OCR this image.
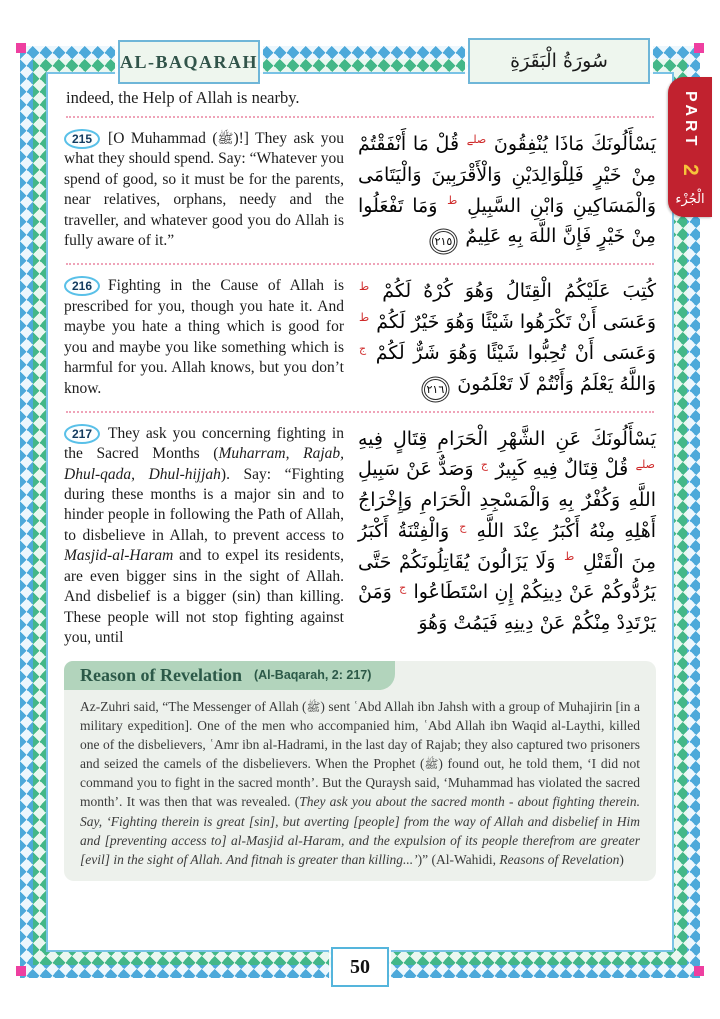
indeed, the Help of Allah is nearby.

215 [O Muhammad (ﷺ)!] They ask you what they should spend. Say: “Whatever you spend of good, so it must be for the parents, near relatives, orphans, needy and the traveller, and whatever good you do Allah is fully aware of it.”
يَسْأَلُونَكَ مَاذَا يُنْفِقُونَ $^{صلے}$ قُلْ مَا أَنْفَقْتُمْ مِنْ خَيْرٍ فَلِلْوَالِدَيْنِ وَالْأَقْرَبِينَ وَالْيَتَامَى وَالْمَسَاكِينِ وَابْنِ السَّبِيلِ $^ط$ وَمَا تَفْعَلُوا مِنْ خَيْرٍ فَإِنَّ اللَّهَ بِهِ عَلِيمٌ ٢١٥
216 Fighting in the Cause of Allah is prescribed for you, though you hate it. And maybe you hate a thing which is good for you and maybe you like something which is harmful for you. Allah knows, but you don’t know.
كُتِبَ عَلَيْكُمُ الْقِتَالُ وَهُوَ كُرْهٌ لَكُمْ $^ط$ وَعَسَى أَنْ تَكْرَهُوا شَيْئًا وَهُوَ خَيْرٌ لَكُمْ $^ط$ وَعَسَى أَنْ تُحِبُّوا شَيْئًا وَهُوَ شَرٌّ لَكُمْ $^ج$ وَاللَّهُ يَعْلَمُ وَأَنْتُمْ لَا تَعْلَمُونَ ٢١٦
217 They ask you concerning fighting in the Sacred Months (Muharram, Rajab, Dhul-qada, Dhul-hijjah). Say: “Fighting during these months is a major sin and to hinder people in following the Path of Allah, to disbelieve in Allah, to prevent access to Masjid-al-Haram and to expel its residents, are even bigger sins in the sight of Allah. And disbelief is a bigger (sin) than killing. These people will not stop fighting against you, until
يَسْأَلُونَكَ عَنِ الشَّهْرِ الْحَرَامِ قِتَالٍ فِيهِ $^{صلے}$ قُلْ قِتَالٌ فِيهِ كَبِيرٌ $^ج$ وَصَدٌّ عَنْ سَبِيلِ اللَّهِ وَكُفْرٌ بِهِ وَالْمَسْجِدِ الْحَرَامِ وَإِخْرَاجُ أَهْلِهِ مِنْهُ أَكْبَرُ عِنْدَ اللَّهِ $^ج$ وَالْفِتْنَةُ أَكْبَرُ مِنَ الْقَتْلِ $^ط$ وَلَا يَزَالُونَ يُقَاتِلُونَكُمْ حَتَّى يَرُدُّوكُمْ عَنْ دِينِكُمْ إِنِ اسْتَطَاعُوا $^ج$ وَمَنْ يَرْتَدِدْ مِنْكُمْ عَنْ دِينِهِ فَيَمُتْ وَهُوَ
Reason of Revelation (Al-Baqarah, 2: 217)

Az-Zuhri said, “The Messenger of Allah (ﷺ) sent ʿAbd Allah ibn Jahsh with a group of Muhajirin [in a military expedition]. One of the men who accompanied him, ʿAbd Allah ibn Waqid al-Laythi, killed one of the disbelievers, ʿAmr ibn al-Hadrami, in the last day of Rajab; they also captured two prisoners and seized the camels of the disbelievers. When the Prophet (ﷺ) found out, he told them, ‘I did not command you to fight in the sacred month’. But the Quraysh said, ‘Muhammad has violated the sacred month’. It was then that was revealed. (They ask you about the sacred month - about fighting therein. Say, ‘Fighting therein is great [sin], but averting [people] from the way of Allah and disbelief in Him and [preventing access to] al-Masjid al-Haram, and the expulsion of its people therefrom are greater [evil] in the sight of Allah. And fitnah is greater than killing...’)” (Al-Wahidi, Reasons of Revelation)

AL-BAQARAH	سُورَةُ الْبَقَرَةِ
PART
2
الْجُزْء
50
